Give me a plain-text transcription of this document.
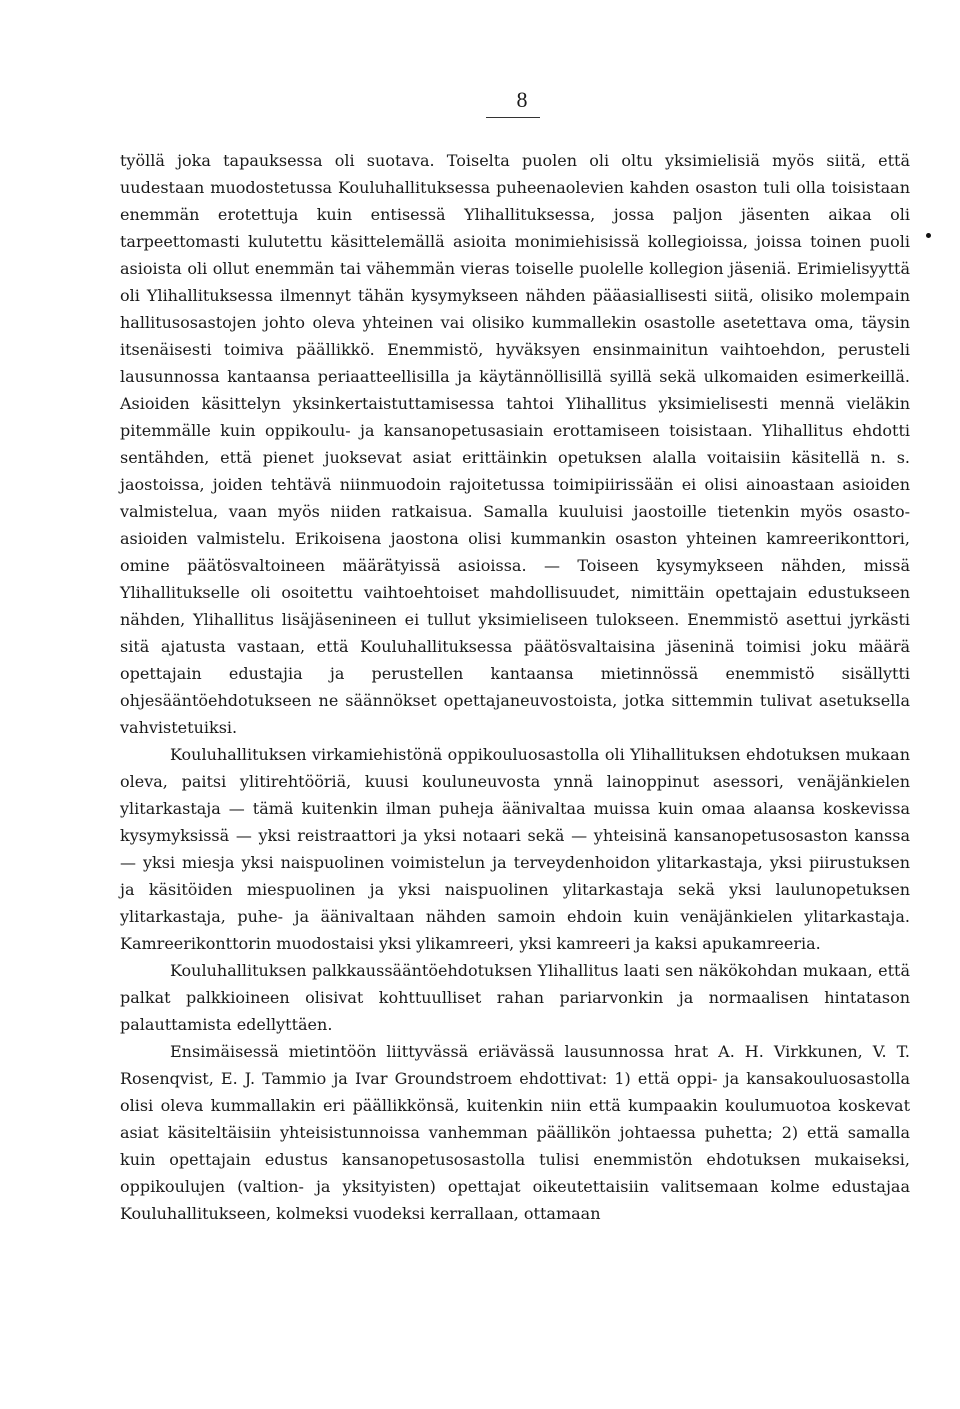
8

työllä joka tapauksessa oli suotava. Toiselta puolen oli oltu yksimielisiä myös siitä, että uudestaan muodostetussa Kouluhallituksessa puheenaolevien kahden osaston tuli olla toisistaan enemmän erotettuja kuin entisessä Ylihallituksessa, jossa paljon jäsenten aikaa oli tarpeettomasti kulutettu käsittelemällä asioita monimiehisissä kollegioissa, joissa toinen puoli asioista oli ollut enemmän tai vähemmän vieras toiselle puolelle kollegion jäseniä. Erimielisyyttä oli Ylihallituksessa ilmennyt tähän kysymykseen nähden pääasiallisesti siitä, olisiko molempain hallitusosastojen johto oleva yhteinen vai olisiko kummallekin osastolle asetettava oma, täysin itsenäisesti toimiva päällikkö. Enemmistö, hyväksyen ensinmainitun vaihtoehdon, perusteli lausunnossa kantaansa periaatteellisilla ja käytännöllisillä syillä sekä ulkomaiden esimerkeillä. Asioiden käsittelyn yksinkertaistuttamisessa tahtoi Ylihallitus yksimielisesti mennä vieläkin pitemmälle kuin oppikoulu- ja kansanopetusasiain erottamiseen toisistaan. Ylihallitus ehdotti sentähden, että pienet juoksevat asiat erittäinkin opetuksen alalla voitaisiin käsitellä n. s. jaostoissa, joiden tehtävä niinmuodoin rajoitetussa toimipiirissään ei olisi ainoastaan asioiden valmistelua, vaan myös niiden ratkaisua. Samalla kuuluisi jaostoille tietenkin myös osasto-asioiden valmistelu. Erikoisena jaostona olisi kummankin osaston yhteinen kamreerikonttori, omine päätösvaltoineen määrätyissä asioissa. — Toiseen kysymykseen nähden, missä Ylihallitukselle oli osoitettu vaihtoehtoiset mahdollisuudet, nimittäin opettajain edustukseen nähden, Ylihallitus lisäjäsenineen ei tullut yksimieliseen tulokseen. Enemmistö asettui jyrkästi sitä ajatusta vastaan, että Kouluhallituksessa päätösvaltaisina jäseninä toimisi joku määrä opettajain edustajia ja perustellen kantaansa mietinnössä enemmistö sisällytti ohjesääntöehdotukseen ne säännökset opettajaneuvostoista, jotka sittemmin tulivat asetuksella vahvistetuiksi.

Kouluhallituksen virkamiehistönä oppikouluosastolla oli Ylihallituksen ehdotuksen mukaan oleva, paitsi ylitirehtööriä, kuusi kouluneuvosta ynnä lainoppinut asessori, venäjänkielen ylitarkastaja — tämä kuitenkin ilman puheja äänivaltaa muissa kuin omaa alaansa koskevissa kysymyksissä — yksi reistraattori ja yksi notaari sekä — yhteisinä kansanopetusosaston kanssa — yksi miesja yksi naispuolinen voimistelun ja terveydenhoidon ylitarkastaja, yksi piirustuksen ja käsitöiden miespuolinen ja yksi naispuolinen ylitarkastaja sekä yksi laulunopetuksen ylitarkastaja, puhe- ja äänivaltaan nähden samoin ehdoin kuin venäjänkielen ylitarkastaja. Kamreerikonttorin muodostaisi yksi ylikamreeri, yksi kamreeri ja kaksi apukamreeria.

Kouluhallituksen palkkaussääntöehdotuksen Ylihallitus laati sen näkökohdan mukaan, että palkat palkkioineen olisivat kohttuulliset rahan pariarvonkin ja normaalisen hintatason palauttamista edellyttäen.

Ensimäisessä mietintöön liittyvässä eriävässä lausunnossa hrat A. H. Virkkunen, V. T. Rosenqvist, E. J. Tammio ja Ivar Groundstroem ehdottivat: 1) että oppi- ja kansakouluosastolla olisi oleva kummallakin eri päällikkönsä, kuitenkin niin että kumpaakin koulumuotoa koskevat asiat käsiteltäisiin yhteisistunnoissa vanhemman päällikön johtaessa puhetta; 2) että samalla kuin opettajain edustus kansanopetusosastolla tulisi enemmistön ehdotuksen mukaiseksi, oppikoulujen (valtion- ja yksityisten) opettajat oikeutettaisiin valitsemaan kolme edustajaa Kouluhallitukseen, kolmeksi vuodeksi kerrallaan, ottamaan
